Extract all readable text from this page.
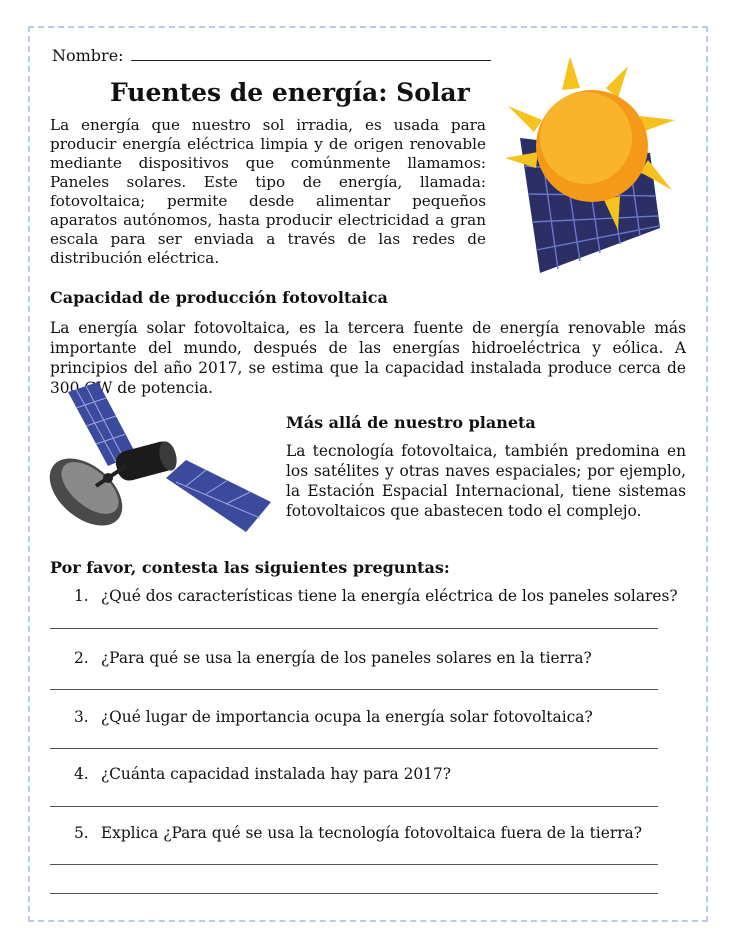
Nombre:
Fuentes de energía: Solar
La energía que nuestro sol irradia, es usada para producir energía eléctrica limpia y de origen renovable mediante dispositivos que comúnmente llamamos: Paneles solares. Este tipo de energía, llamada: fotovoltaica; permite desde alimentar pequeños aparatos autónomos, hasta producir electricidad a gran escala para ser enviada a través de las redes de distribución eléctrica.
Capacidad de producción fotovoltaica
La energía solar fotovoltaica, es la tercera fuente de energía renovable más importante del mundo, después de las energías hidroeléctrica y eólica. A principios del año 2017, se estima que la capacidad instalada produce cerca de 300 GW de potencia.
Más allá de nuestro planeta
La tecnología fotovoltaica, también predomina en los satélites y otras naves espaciales; por ejemplo, la Estación Espacial Internacional, tiene sistemas fotovoltaicos que abastecen todo el complejo.
Por favor, contesta las siguientes preguntas:
1. ¿Qué dos características tiene la energía eléctrica de los paneles solares?
2. ¿Para qué se usa la energía de los paneles solares en la tierra?
3. ¿Qué lugar de importancia ocupa la energía solar fotovoltaica?
4. ¿Cuánta capacidad instalada hay para 2017?
5. Explica ¿Para qué se usa la tecnología fotovoltaica fuera de la tierra?
